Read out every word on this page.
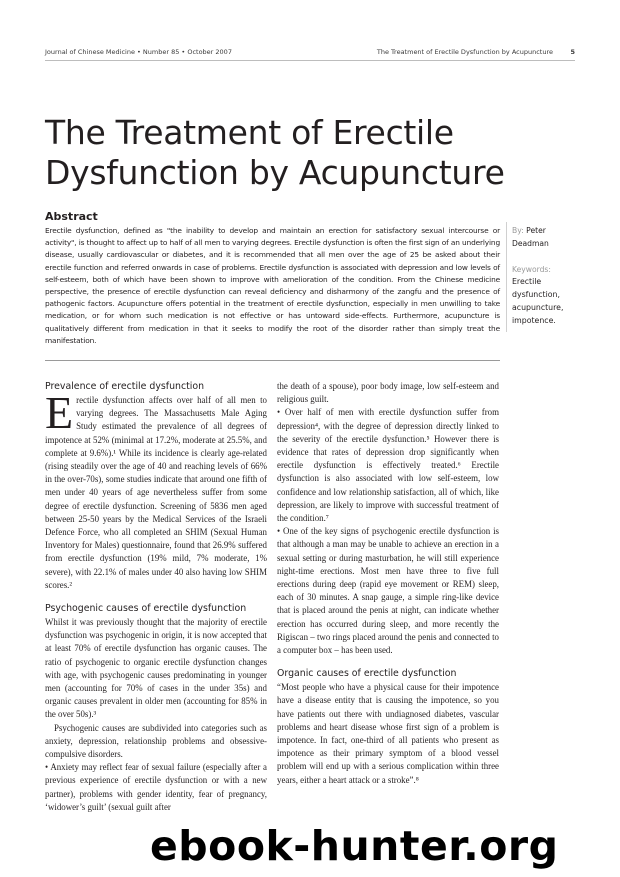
Journal of Chinese Medicine • Number 85 • October 2007	The Treatment of Erectile Dysfunction by Acupuncture	5
The Treatment of Erectile
Dysfunction by Acupuncture
Abstract
Erectile dysfunction, defined as "the inability to develop and maintain an erection for satisfactory sexual intercourse or activity", is thought to affect up to half of all men to varying degrees. Erectile dysfunction is often the first sign of an underlying disease, usually cardiovascular or diabetes, and it is recommended that all men over the age of 25 be asked about their erectile function and referred onwards in case of problems. Erectile dysfunction is associated with depression and low levels of self-esteem, both of which have been shown to improve with amelioration of the condition. From the Chinese medicine perspective, the presence of erectile dysfunction can reveal deficiency and disharmony of the zangfu and the presence of pathogenic factors. Acupuncture offers potential in the treatment of erectile dysfunction, especially in men unwilling to take medication, or for whom such medication is not effective or has untoward side-effects. Furthermore, acupuncture is qualitatively different from medication in that it seeks to modify the root of the disorder rather than simply treat the manifestation.
By: Peter
Deadman
Keywords:
Erectile
dysfunction,
acupuncture,
impotence.
Prevalence of erectile dysfunction

Erectile dysfunction affects over half of all men to varying degrees. The Massachusetts Male Aging Study estimated the prevalence of all degrees of impotence at 52% (minimal at 17.2%, moderate at 25.5%, and complete at 9.6%).¹ While its incidence is clearly age-related (rising steadily over the age of 40 and reaching levels of 66% in the over-70s), some studies indicate that around one fifth of men under 40 years of age nevertheless suffer from some degree of erectile dysfunction. Screening of 5836 men aged between 25-50 years by the Medical Services of the Israeli Defence Force, who all completed an SHIM (Sexual Human Inventory for Males) questionnaire, found that 26.9% suffered from erectile dysfunction (19% mild, 7% moderate, 1% severe), with 22.1% of males under 40 also having low SHIM scores.²

Psychogenic causes of erectile dysfunction

Whilst it was previously thought that the majority of erectile dysfunction was psychogenic in origin, it is now accepted that at least 70% of erectile dysfunction has organic causes. The ratio of psychogenic to organic erectile dysfunction changes with age, with psychogenic causes predominating in younger men (accounting for 70% of cases in the under 35s) and organic causes prevalent in older men (accounting for 85% in the over 50s).³

Psychogenic causes are subdivided into categories such as anxiety, depression, relationship problems and obsessive-compulsive disorders.

• Anxiety may reflect fear of sexual failure (especially after a previous experience of erectile dysfunction or with a new partner), problems with gender identity, fear of pregnancy, ‘widower’s guilt’ (sexual guilt after

the death of a spouse), poor body image, low self-esteem and religious guilt.

• Over half of men with erectile dysfunction suffer from depression⁴, with the degree of depression directly linked to the severity of the erectile dysfunction.⁵ However there is evidence that rates of depression drop significantly when erectile dysfunction is effectively treated.⁶ Erectile dysfunction is also associated with low self-esteem, low confidence and low relationship satisfaction, all of which, like depression, are likely to improve with successful treatment of the condition.⁷

• One of the key signs of psychogenic erectile dysfunction is that although a man may be unable to achieve an erection in a sexual setting or during masturbation, he will still experience night-time erections. Most men have three to five full erections during deep (rapid eye movement or REM) sleep, each of 30 minutes. A snap gauge, a simple ring-like device that is placed around the penis at night, can indicate whether erection has occurred during sleep, and more recently the Rigiscan – two rings placed around the penis and connected to a computer box – has been used.

Organic causes of erectile dysfunction

“Most people who have a physical cause for their impotence have a disease entity that is causing the impotence, so you have patients out there with undiagnosed diabetes, vascular problems and heart disease whose first sign of a problem is impotence. In fact, one-third of all patients who present as impotence as their primary symptom of a blood vessel problem will end up with a serious complication within three years, either a heart attack or a stroke”.⁸

ebook-hunter.org
